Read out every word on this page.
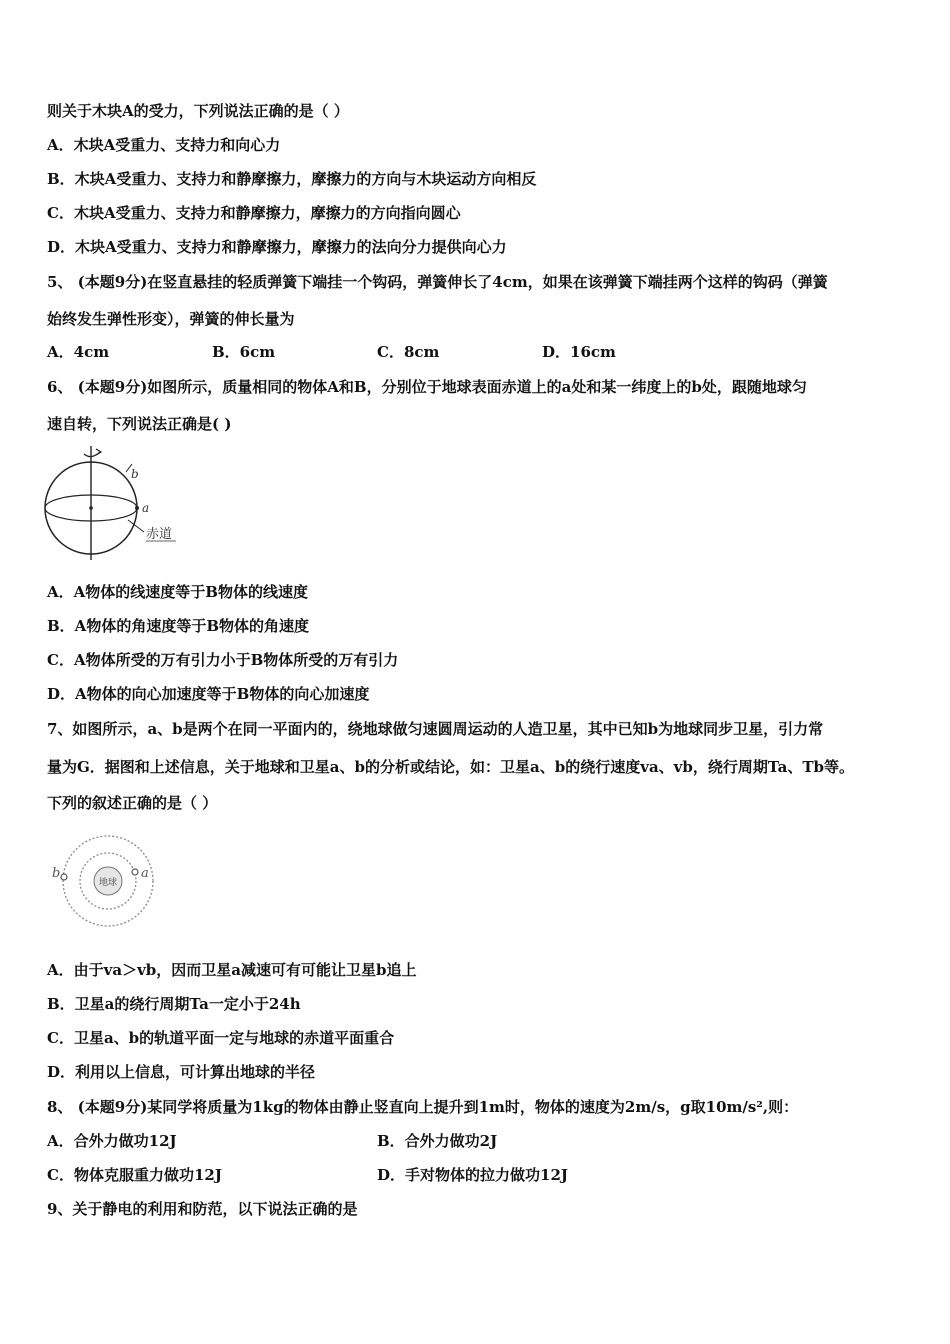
则关于木块A的受力，下列说法正确的是（ ）
A．木块A受重力、支持力和向心力
B．木块A受重力、支持力和静摩擦力，摩擦力的方向与木块运动方向相反
C．木块A受重力、支持力和静摩擦力，摩擦力的方向指向圆心
D．木块A受重力、支持力和静摩擦力，摩擦力的法向分力提供向心力
5、 (本题9分)在竖直悬挂的轻质弹簧下端挂一个钩码，弹簧伸长了4cm，如果在该弹簧下端挂两个这样的钩码（弹簧
始终发生弹性形变），弹簧的伸长量为
A．4cm	B．6cm	C．8cm	D．16cm
6、 (本题9分)如图所示，质量相同的物体A和B，分别位于地球表面赤道上的a处和某一纬度上的b处，跟随地球匀
速自转，下列说法正确是( )
b
a
赤道
A．A物体的线速度等于B物体的线速度
B．A物体的角速度等于B物体的角速度
C．A物体所受的万有引力小于B物体所受的万有引力
D．A物体的向心加速度等于B物体的向心加速度
7、如图所示，a、b是两个在同一平面内的，绕地球做匀速圆周运动的人造卫星，其中已知b为地球同步卫星，引力常
量为G．据图和上述信息，关于地球和卫星a、b的分析或结论，如：卫星a、b的绕行速度va、vb，绕行周期Ta、Tb等。
下列的叙述正确的是（ ）
地球
b	a
A．由于va＞vb，因而卫星a减速可有可能让卫星b追上
B．卫星a的绕行周期Ta一定小于24h
C．卫星a、b的轨道平面一定与地球的赤道平面重合
D．利用以上信息，可计算出地球的半径
8、 (本题9分)某同学将质量为1kg的物体由静止竖直向上提升到1m时，物体的速度为2m/s，g取10m/s²,则：
A．合外力做功12J	B．合外力做功2J
C．物体克服重力做功12J	D．手对物体的拉力做功12J
9、关于静电的利用和防范，以下说法正确的是
